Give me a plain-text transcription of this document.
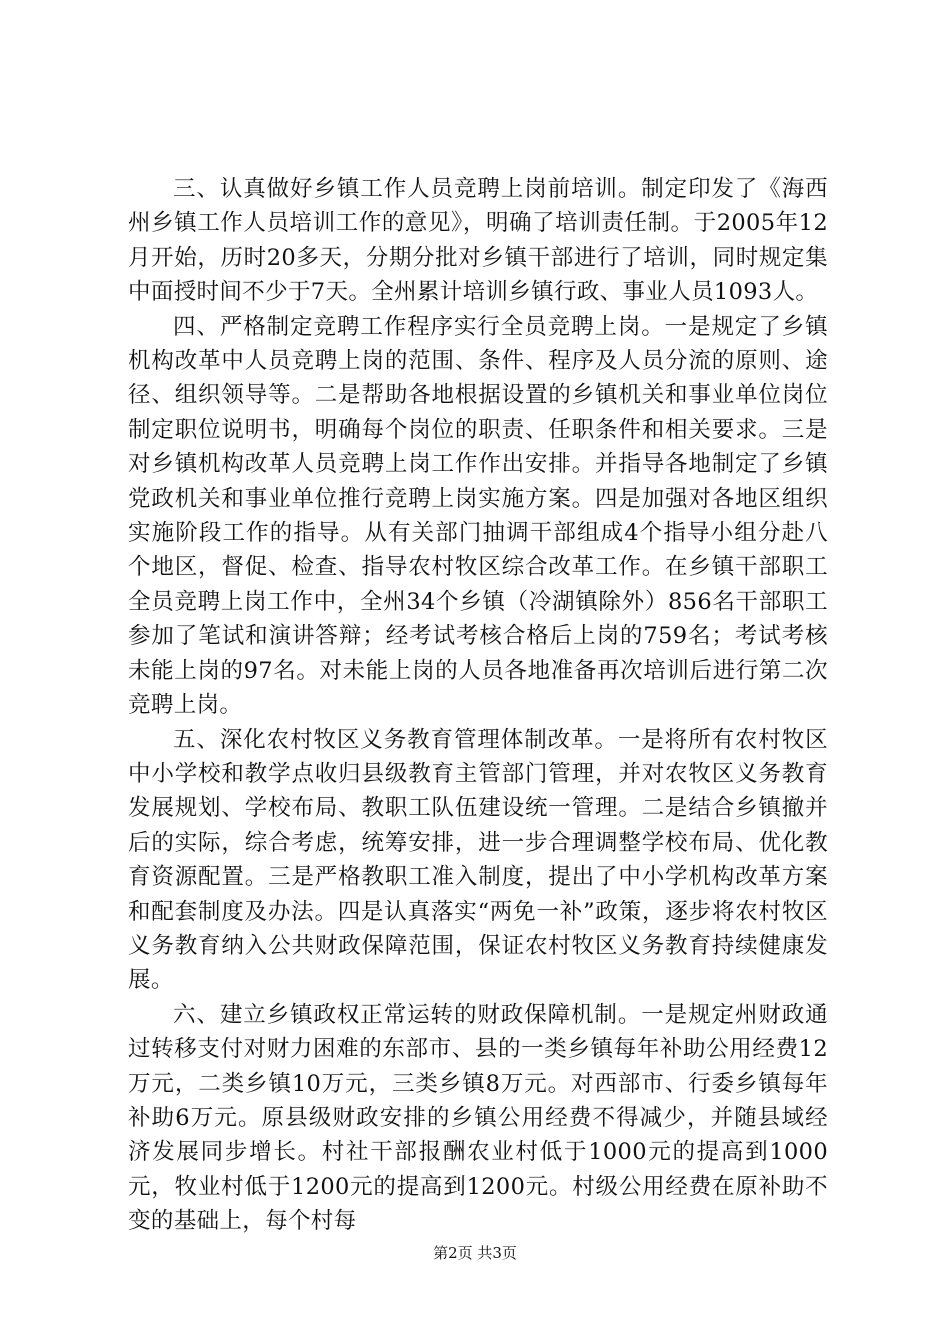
三、认真做好乡镇工作人员竞聘上岗前培训。制定印发了《海西州乡镇工作人员培训工作的意见》，明确了培训责任制。于2005年12月开始，历时20多天，分期分批对乡镇干部进行了培训，同时规定集中面授时间不少于7天。全州累计培训乡镇行政、事业人员1093人。

四、严格制定竞聘工作程序实行全员竞聘上岗。一是规定了乡镇机构改革中人员竞聘上岗的范围、条件、程序及人员分流的原则、途径、组织领导等。二是帮助各地根据设置的乡镇机关和事业单位岗位制定职位说明书，明确每个岗位的职责、任职条件和相关要求。三是对乡镇机构改革人员竞聘上岗工作作出安排。并指导各地制定了乡镇党政机关和事业单位推行竞聘上岗实施方案。四是加强对各地区组织实施阶段工作的指导。从有关部门抽调干部组成4个指导小组分赴八个地区，督促、检查、指导农村牧区综合改革工作。在乡镇干部职工全员竞聘上岗工作中，全州34个乡镇（冷湖镇除外）856名干部职工参加了笔试和演讲答辩；经考试考核合格后上岗的759名；考试考核未能上岗的97名。对未能上岗的人员各地准备再次培训后进行第二次竞聘上岗。

五、深化农村牧区义务教育管理体制改革。一是将所有农村牧区中小学校和教学点收归县级教育主管部门管理，并对农牧区义务教育发展规划、学校布局、教职工队伍建设统一管理。二是结合乡镇撤并后的实际，综合考虑，统筹安排，进一步合理调整学校布局、优化教育资源配置。三是严格教职工准入制度，提出了中小学机构改革方案和配套制度及办法。四是认真落实“两免一补”政策，逐步将农村牧区义务教育纳入公共财政保障范围，保证农村牧区义务教育持续健康发展。

六、建立乡镇政权正常运转的财政保障机制。一是规定州财政通过转移支付对财力困难的东部市、县的一类乡镇每年补助公用经费12万元，二类乡镇10万元，三类乡镇8万元。对西部市、行委乡镇每年补助6万元。原县级财政安排的乡镇公用经费不得减少，并随县域经济发展同步增长。村社干部报酬农业村低于1000元的提高到1000元，牧业村低于1200元的提高到1200元。村级公用经费在原补助不变的基础上，每个村每

第2页 共3页
